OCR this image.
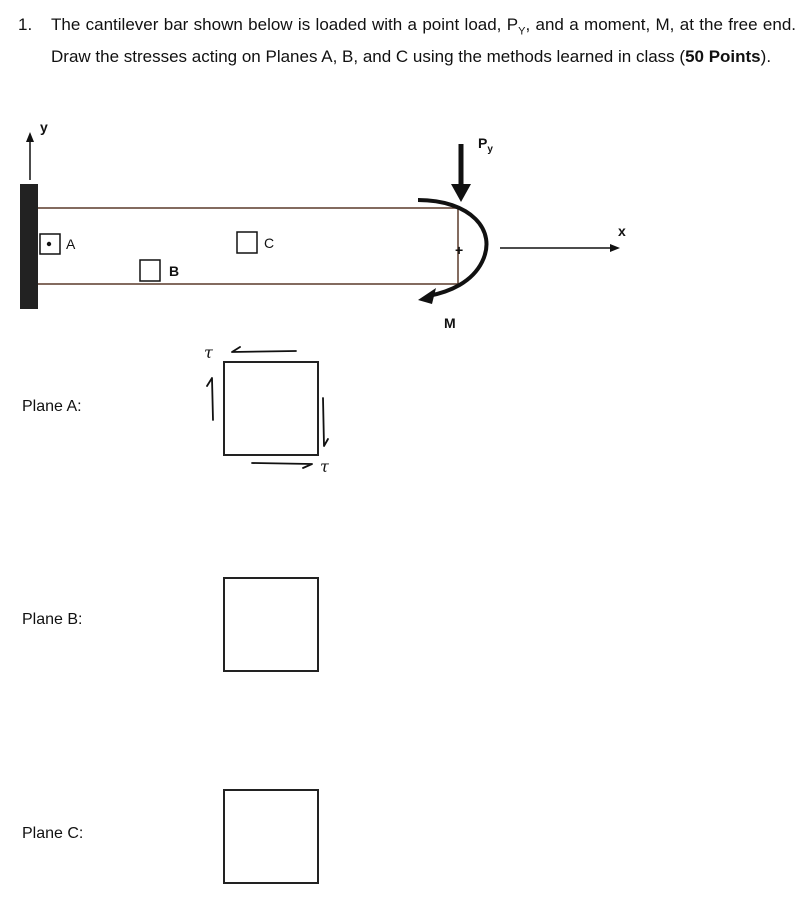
1. The cantilever bar shown below is loaded with a point load, $P_Y$, and a moment, M, at the free end. Draw the stresses acting on Planes A, B, and C using the methods learned in class (50 Points).
y
A
B
C
$P_y$
+
M
x
Plane A:
Plane B:
Plane C:
τ
τ
